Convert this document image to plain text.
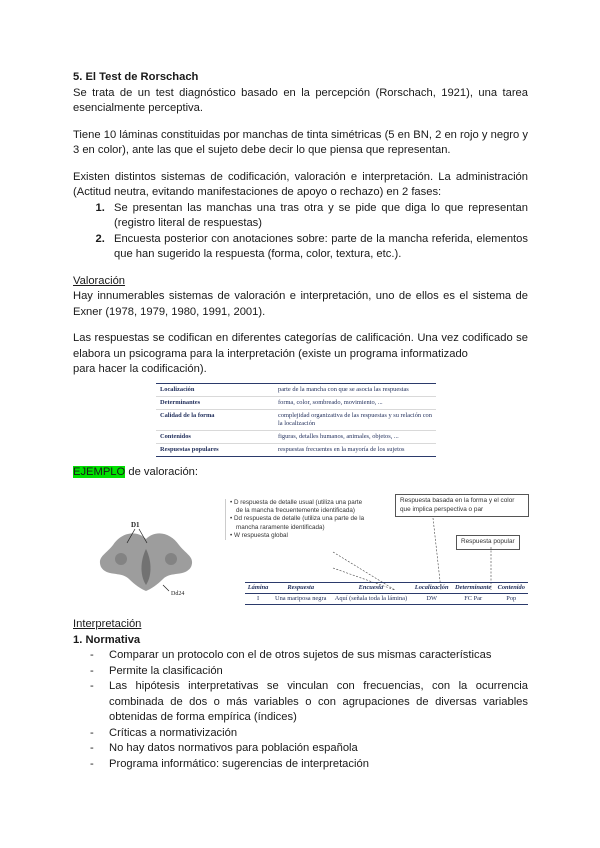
5. El Test de Rorschach

Se trata de un test diagnóstico basado en la percepción (Rorschach, 1921), una tarea esencialmente perceptiva.

Tiene 10 láminas constituidas por manchas de tinta simétricas (5 en BN, 2 en rojo y negro y 3 en color), ante las que el sujeto debe decir lo que piensa que representan.

Existen distintos sistemas de codificación, valoración e interpretación. La administración (Actitud neutra, evitando manifestaciones de apoyo o rechazo) en 2 fases:

1. Se presentan las manchas una tras otra y se pide que diga lo que representan (registro literal de respuestas)
2. Encuesta posterior con anotaciones sobre: parte de la mancha referida, elementos que han sugerido la respuesta (forma, color, textura, etc.).

Valoración

Hay innumerables sistemas de valoración e interpretación, uno de ellos es el sistema de Exner (1978, 1979, 1980, 1991, 2001).

Las respuestas se codifican en diferentes categorías de calificación. Una vez codificado se elabora un psicograma para la interpretación (existe un programa informatizado

para hacer la codificación).

Localización	parte de la mancha con que se asocia las respuestas
Determinantes	forma, color, sombreado, movimiento, ...
Calidad de la forma	complejidad organizativa de las respuestas y su relación con la localización
Contenidos	figuras, detalles humanos, animales, objetos, ...
Respuestas populares	respuestas frecuentes en la mayoría de los sujetos

EJEMPLO de valoración:

D1
Dd24
• D respuesta de detalle usual (utiliza una parte de la mancha frecuentemente identificada)
• Dd respuesta de detalle (utiliza una parte de la mancha raramente identificada)
• W respuesta global
Respuesta basada en la forma y el color que implica perspectiva o par
Respuesta popular
Lámina	Respuesta	Encuesta	Localización	Determinante	Contenido
I	Una mariposa negra	Aquí (señala toda la lámina)	DW	FC Par	Pop

Interpretación

1. Normativa

- Comparar un protocolo con el de otros sujetos de sus mismas características
- Permite la clasificación
- Las hipótesis interpretativas se vinculan con frecuencias, con la ocurrencia combinada de dos o más variables o con agrupaciones de diversas variables obtenidas de forma empírica (índices)
- Críticas a normativización
- No hay datos normativos para población española
- Programa informático: sugerencias de interpretación
